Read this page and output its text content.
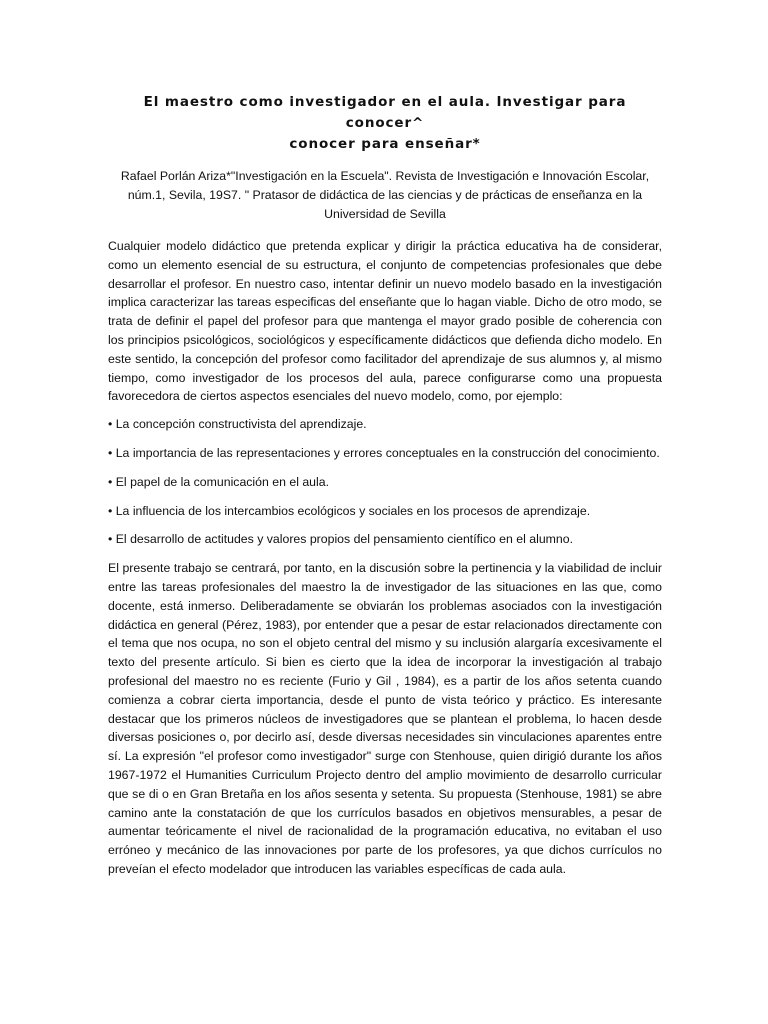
El maestro como investigador en el aula. Investigar para conocer^
conocer para enseñar*
Rafael Porlán Ariza*"Investigación en la Escuela". Revista de Investigación e Innovación Escolar,
núm.1, Sevila, 19S7. " Pratasor de didáctica de las ciencias y de prácticas de enseñanza en la
Universidad de Sevilla

Cualquier modelo didáctico que pretenda explicar y dirigir la práctica educativa ha de considerar, como un elemento esencial de su estructura, el conjunto de competencias profesionales que debe desarrollar el profesor. En nuestro caso, intentar definir un nuevo modelo basado en la investigación implica caracterizar las tareas especificas del enseñante que lo hagan viable. Dicho de otro modo, se trata de definir el papel del profesor para que mantenga el mayor grado posible de coherencia con los principios psicológicos, sociológicos y específicamente didácticos que defienda dicho modelo. En este sentido, la concepción del profesor como facilitador del aprendizaje de sus alumnos y, al mismo tiempo, como investigador de los procesos del aula, parece configurarse como una propuesta favorecedora de ciertos aspectos esenciales del nuevo modelo, como, por ejemplo:

• La concepción constructivista del aprendizaje.

• La importancia de las representaciones y errores conceptuales en la construcción del conocimiento.

• El papel de la comunicación en el aula.

• La influencia de los intercambios ecológicos y sociales en los procesos de aprendizaje.

• El desarrollo de actitudes y valores propios del pensamiento científico en el alumno.

El presente trabajo se centrará, por tanto, en la discusión sobre la pertinencia y la viabilidad de incluir entre las tareas profesionales del maestro la de investigador de las situaciones en las que, como docente, está inmerso. Deliberadamente se obviarán los problemas asociados con la investigación didáctica en general (Pérez, 1983), por entender que a pesar de estar relacionados directamente con el tema que nos ocupa, no son el objeto central del mismo y su inclusión alargaría excesivamente el texto del presente artículo. Si bien es cierto que la idea de incorporar la investigación al trabajo profesional del maestro no es reciente (Furio y Gil , 1984), es a partir de los años setenta cuando comienza a cobrar cierta importancia, desde el punto de vista teórico y práctico. Es interesante destacar que los primeros núcleos de investigadores que se plantean el problema, lo hacen desde diversas posiciones o, por decirlo así, desde diversas necesidades sin vinculaciones aparentes entre sí. La expresión "el profesor como investigador" surge con Stenhouse, quien dirigió durante los años 1967-1972 el Humanities Curriculum Projecto dentro del amplio movimiento de desarrollo curricular que se di o en Gran Bretaña en los años sesenta y setenta. Su propuesta (Stenhouse, 1981) se abre camino ante la constatación de que los currículos basados en objetivos mensurables, a pesar de aumentar teóricamente el nivel de racionalidad de la programación educativa, no evitaban el uso erróneo y mecánico de las innovaciones por parte de los profesores, ya que dichos currículos no preveían el efecto modelador que introducen las variables específicas de cada aula.
